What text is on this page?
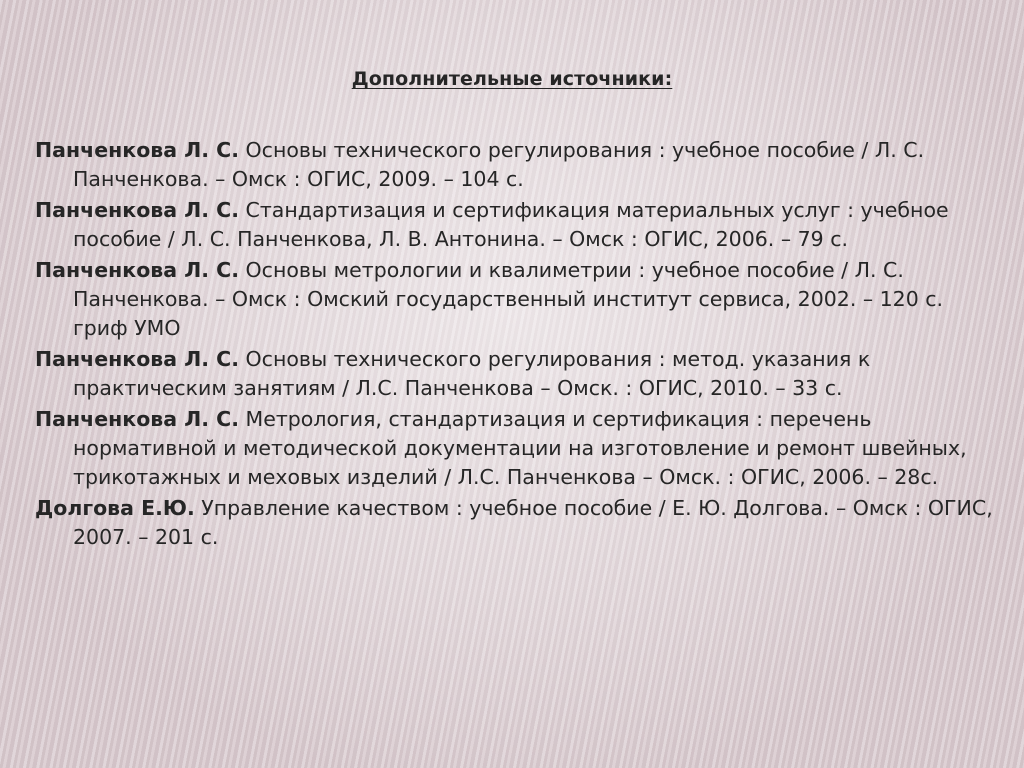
Дополнительные источники:
Панченкова Л. С. Основы технического регулирования : учебное пособие / Л. С. Панченкова. – Омск : ОГИС, 2009. – 104 с.
Панченкова Л. С. Стандартизация и сертификация материальных услуг : учебное пособие / Л. С. Панченкова, Л. В. Антонина. – Омск : ОГИС, 2006. – 79 с.
Панченкова Л. С. Основы метрологии и квалиметрии : учебное пособие / Л. С. Панченкова. – Омск : Омский государственный институт сервиса, 2002. – 120 с. гриф УМО
Панченкова Л. С. Основы технического регулирования : метод. указания к практическим занятиям / Л.С. Панченкова – Омск. : ОГИС, 2010. – 33 с.
Панченкова Л. С. Метрология, стандартизация и сертификация : перечень нормативной и методической документации на изготовление и ремонт швейных, трикотажных и меховых изделий / Л.С. Панченкова – Омск. : ОГИС, 2006. – 28с.
Долгова Е.Ю. Управление качеством : учебное пособие / Е. Ю. Долгова. – Омск : ОГИС, 2007. – 201 с.
